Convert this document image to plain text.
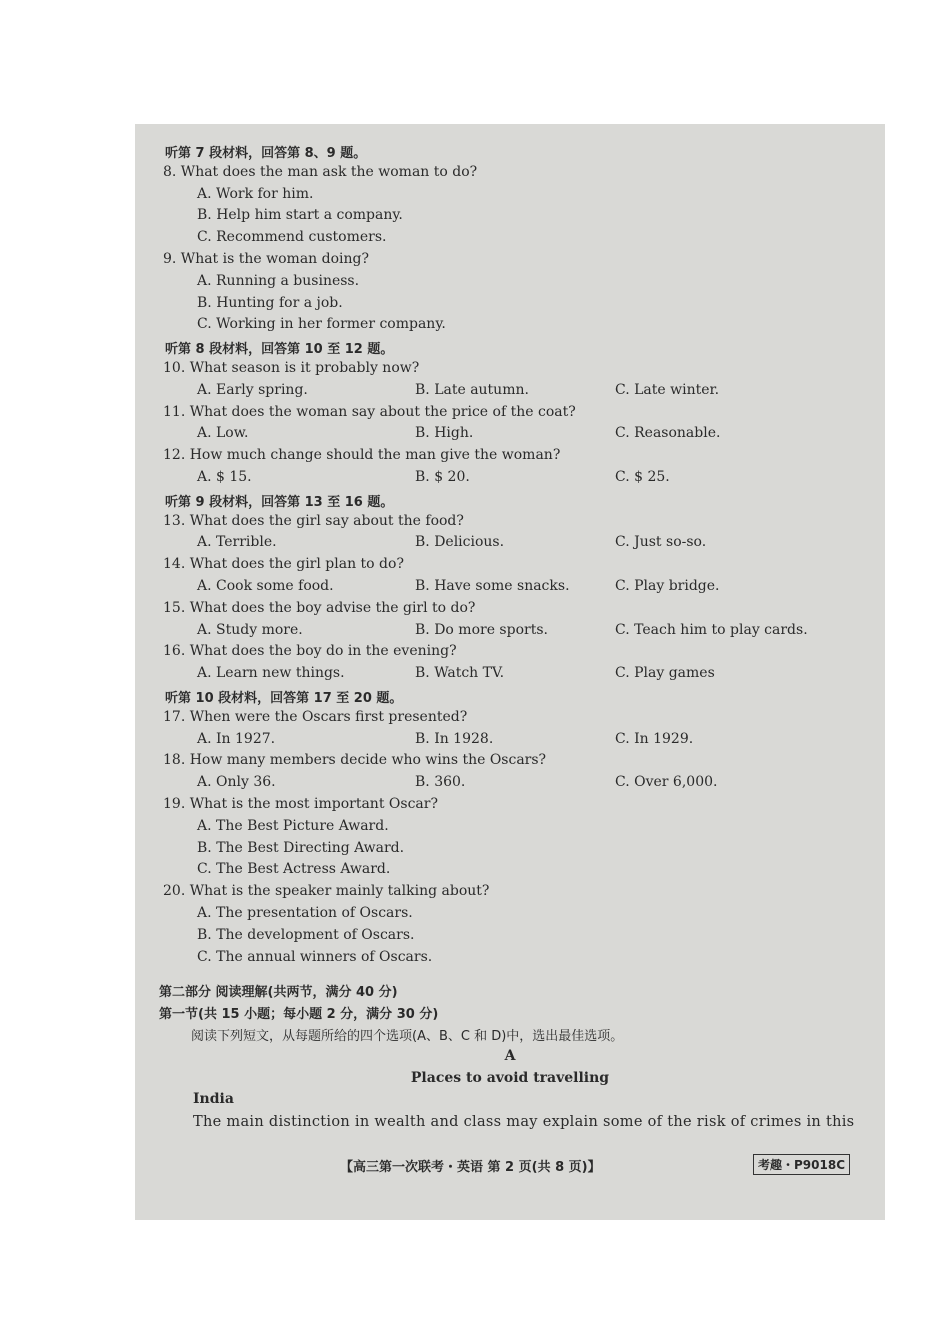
听第 7 段材料，回答第 8、9 题。
8. What does the man ask the woman to do?
A. Work for him.
B. Help him start a company.
C. Recommend customers.
9. What is the woman doing?
A. Running a business.
B. Hunting for a job.
C. Working in her former company.
听第 8 段材料，回答第 10 至 12 题。
10. What season is it probably now?
A. Early spring.	B. Late autumn.	C. Late winter.
11. What does the woman say about the price of the coat?
A. Low.	B. High.	C. Reasonable.
12. How much change should the man give the woman?
A. $ 15.	B. $ 20.	C. $ 25.
听第 9 段材料，回答第 13 至 16 题。
13. What does the girl say about the food?
A. Terrible.	B. Delicious.	C. Just so-so.
14. What does the girl plan to do?
A. Cook some food.	B. Have some snacks.	C. Play bridge.
15. What does the boy advise the girl to do?
A. Study more.	B. Do more sports.	C. Teach him to play cards.
16. What does the boy do in the evening?
A. Learn new things.	B. Watch TV.	C. Play games
听第 10 段材料，回答第 17 至 20 题。
17. When were the Oscars first presented?
A. In 1927.	B. In 1928.	C. In 1929.
18. How many members decide who wins the Oscars?
A. Only 36.	B. 360.	C. Over 6,000.
19. What is the most important Oscar?
A. The Best Picture Award.
B. The Best Directing Award.
C. The Best Actress Award.
20. What is the speaker mainly talking about?
A. The presentation of Oscars.
B. The development of Oscars.
C. The annual winners of Oscars.
第二部分 阅读理解(共两节，满分 40 分)
第一节(共 15 小题；每小题 2 分，满分 30 分)
阅读下列短文，从每题所给的四个选项(A、B、C 和 D)中，选出最佳选项。
A
Places to avoid travelling
India
The main distinction in wealth and class may explain some of the risk of crimes in this
【高三第一次联考・英语 第 2 页(共 8 页)】	考趣・P9018C
